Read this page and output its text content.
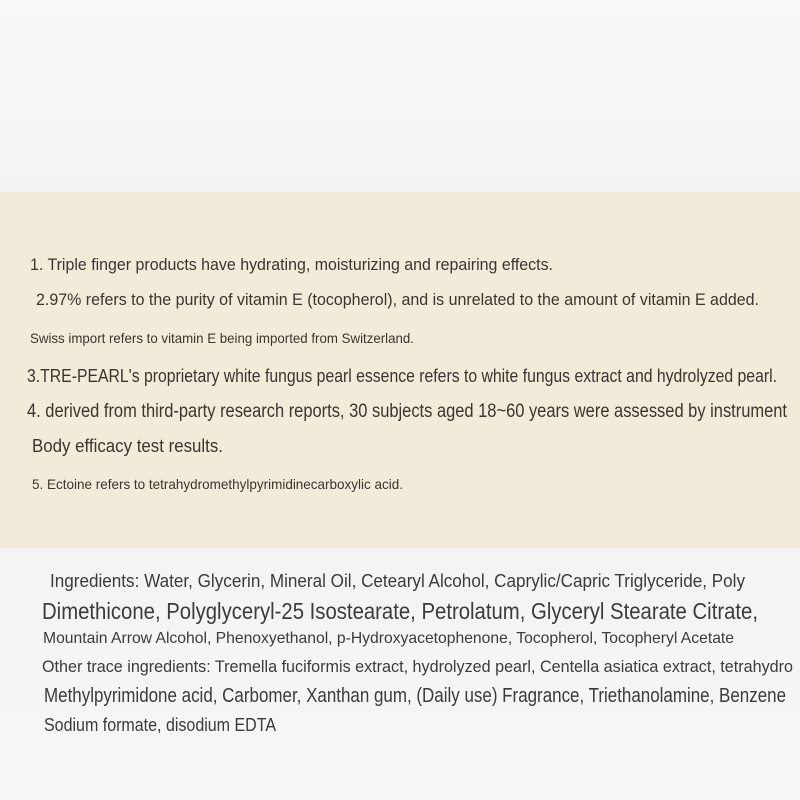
1. Triple finger products have hydrating, moisturizing and repairing effects.
2.97% refers to the purity of vitamin E (tocopherol), and is unrelated to the amount of vitamin E added.
Swiss import refers to vitamin E being imported from Switzerland.
3.TRE-PEARL's proprietary white fungus pearl essence refers to white fungus extract and hydrolyzed pearl.
4. derived from third-party research reports, 30 subjects aged 18~60 years were assessed by instrument
Body efficacy test results.
5. Ectoine refers to tetrahydromethylpyrimidinecarboxylic acid.
Ingredients: Water, Glycerin, Mineral Oil, Cetearyl Alcohol, Caprylic/Capric Triglyceride, Poly
Dimethicone, Polyglyceryl-25 Isostearate, Petrolatum, Glyceryl Stearate Citrate,
Mountain Arrow Alcohol, Phenoxyethanol, p-Hydroxyacetophenone, Tocopherol, Tocopheryl Acetate
Other trace ingredients: Tremella fuciformis extract, hydrolyzed pearl, Centella asiatica extract, tetrahydro
Methylpyrimidone acid, Carbomer, Xanthan gum, (Daily use) Fragrance, Triethanolamine, Benzene
Sodium formate, disodium EDTA
